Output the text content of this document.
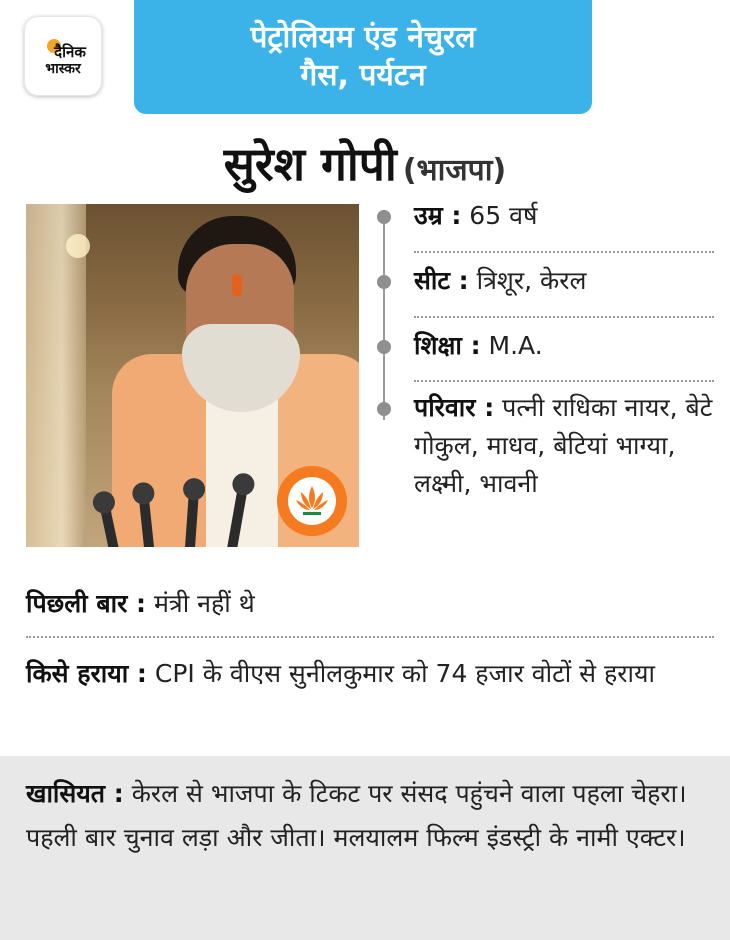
दैनिक
भास्कर
पेट्रोलियम एंड नेचुरल
गैस, पर्यटन
सुरेश गोपी (भाजपा)
उम्र : 65 वर्ष
सीट : त्रिशूर, केरल
शिक्षा : M.A.
परिवार : पत्नी राधिका नायर, बेटे गोकुल, माधव, बेटियां भाग्या, लक्ष्मी, भावनी
पिछली बार : मंत्री नहीं थे
किसे हराया : CPI के वीएस सुनीलकुमार को 74 हजार वोटों से हराया
खासियत : केरल से भाजपा के टिकट पर संसद पहुंचने वाला पहला चेहरा। पहली बार चुनाव लड़ा और जीता। मलयालम फिल्म इंडस्ट्री के नामी एक्टर।
